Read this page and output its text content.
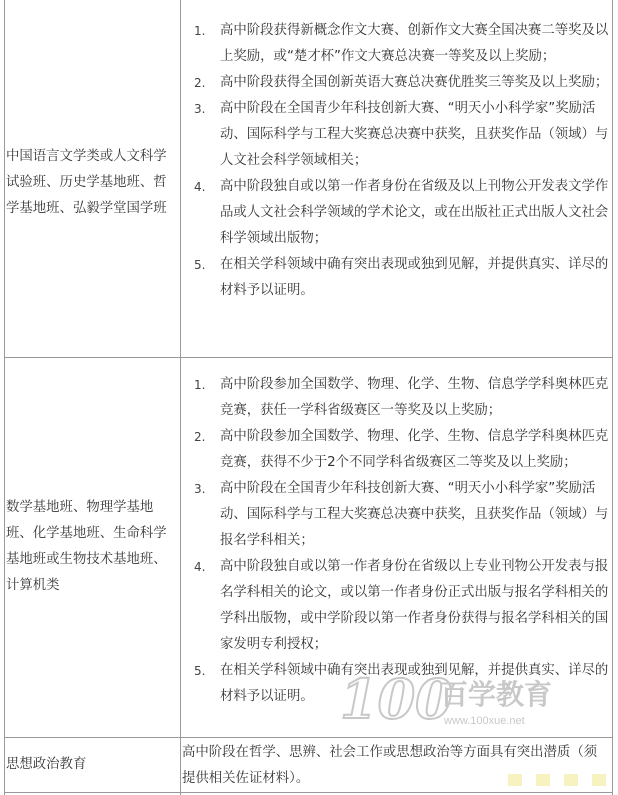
中国语言文学类或人文科学试验班、历史学基地班、哲学基地班、弘毅学堂国学班
1. 高中阶段获得新概念作文大赛、创新作文大赛全国决赛二等奖及以上奖励，或“楚才杯”作文大赛总决赛一等奖及以上奖励；
2. 高中阶段获得全国创新英语大赛总决赛优胜奖三等奖及以上奖励；
3. 高中阶段在全国青少年科技创新大赛、“明天小小科学家”奖励活动、国际科学与工程大奖赛总决赛中获奖，且获奖作品（领域）与人文社会科学领域相关；
4. 高中阶段独自或以第一作者身份在省级及以上刊物公开发表文学作品或人文社会科学领域的学术论文，或在出版社正式出版人文社会科学领域出版物；
5. 在相关学科领域中确有突出表现或独到见解，并提供真实、详尽的材料予以证明。
数学基地班、物理学基地班、化学基地班、生命科学基地班或生物技术基地班、计算机类
1. 高中阶段参加全国数学、物理、化学、生物、信息学学科奥林匹克竞赛，获任一学科省级赛区一等奖及以上奖励；
2. 高中阶段参加全国数学、物理、化学、生物、信息学学科奥林匹克竞赛，获得不少于2个不同学科省级赛区二等奖及以上奖励；
3. 高中阶段在全国青少年科技创新大赛、“明天小小科学家”奖励活动、国际科学与工程大奖赛总决赛中获奖，且获奖作品（领域）与报名学科相关；
4. 高中阶段独自或以第一作者身份在省级以上专业刊物公开发表与报名学科相关的论文，或以第一作者身份正式出版与报名学科相关的学科出版物，或中学阶段以第一作者身份获得与报名学科相关的国家发明专利授权；
5. 在相关学科领域中确有突出表现或独到见解，并提供真实、详尽的材料予以证明。
思想政治教育
高中阶段在哲学、思辨、社会工作或思想政治等方面具有突出潜质（须提供相关佐证材料）。
100
百学教育
www.100xue.net
